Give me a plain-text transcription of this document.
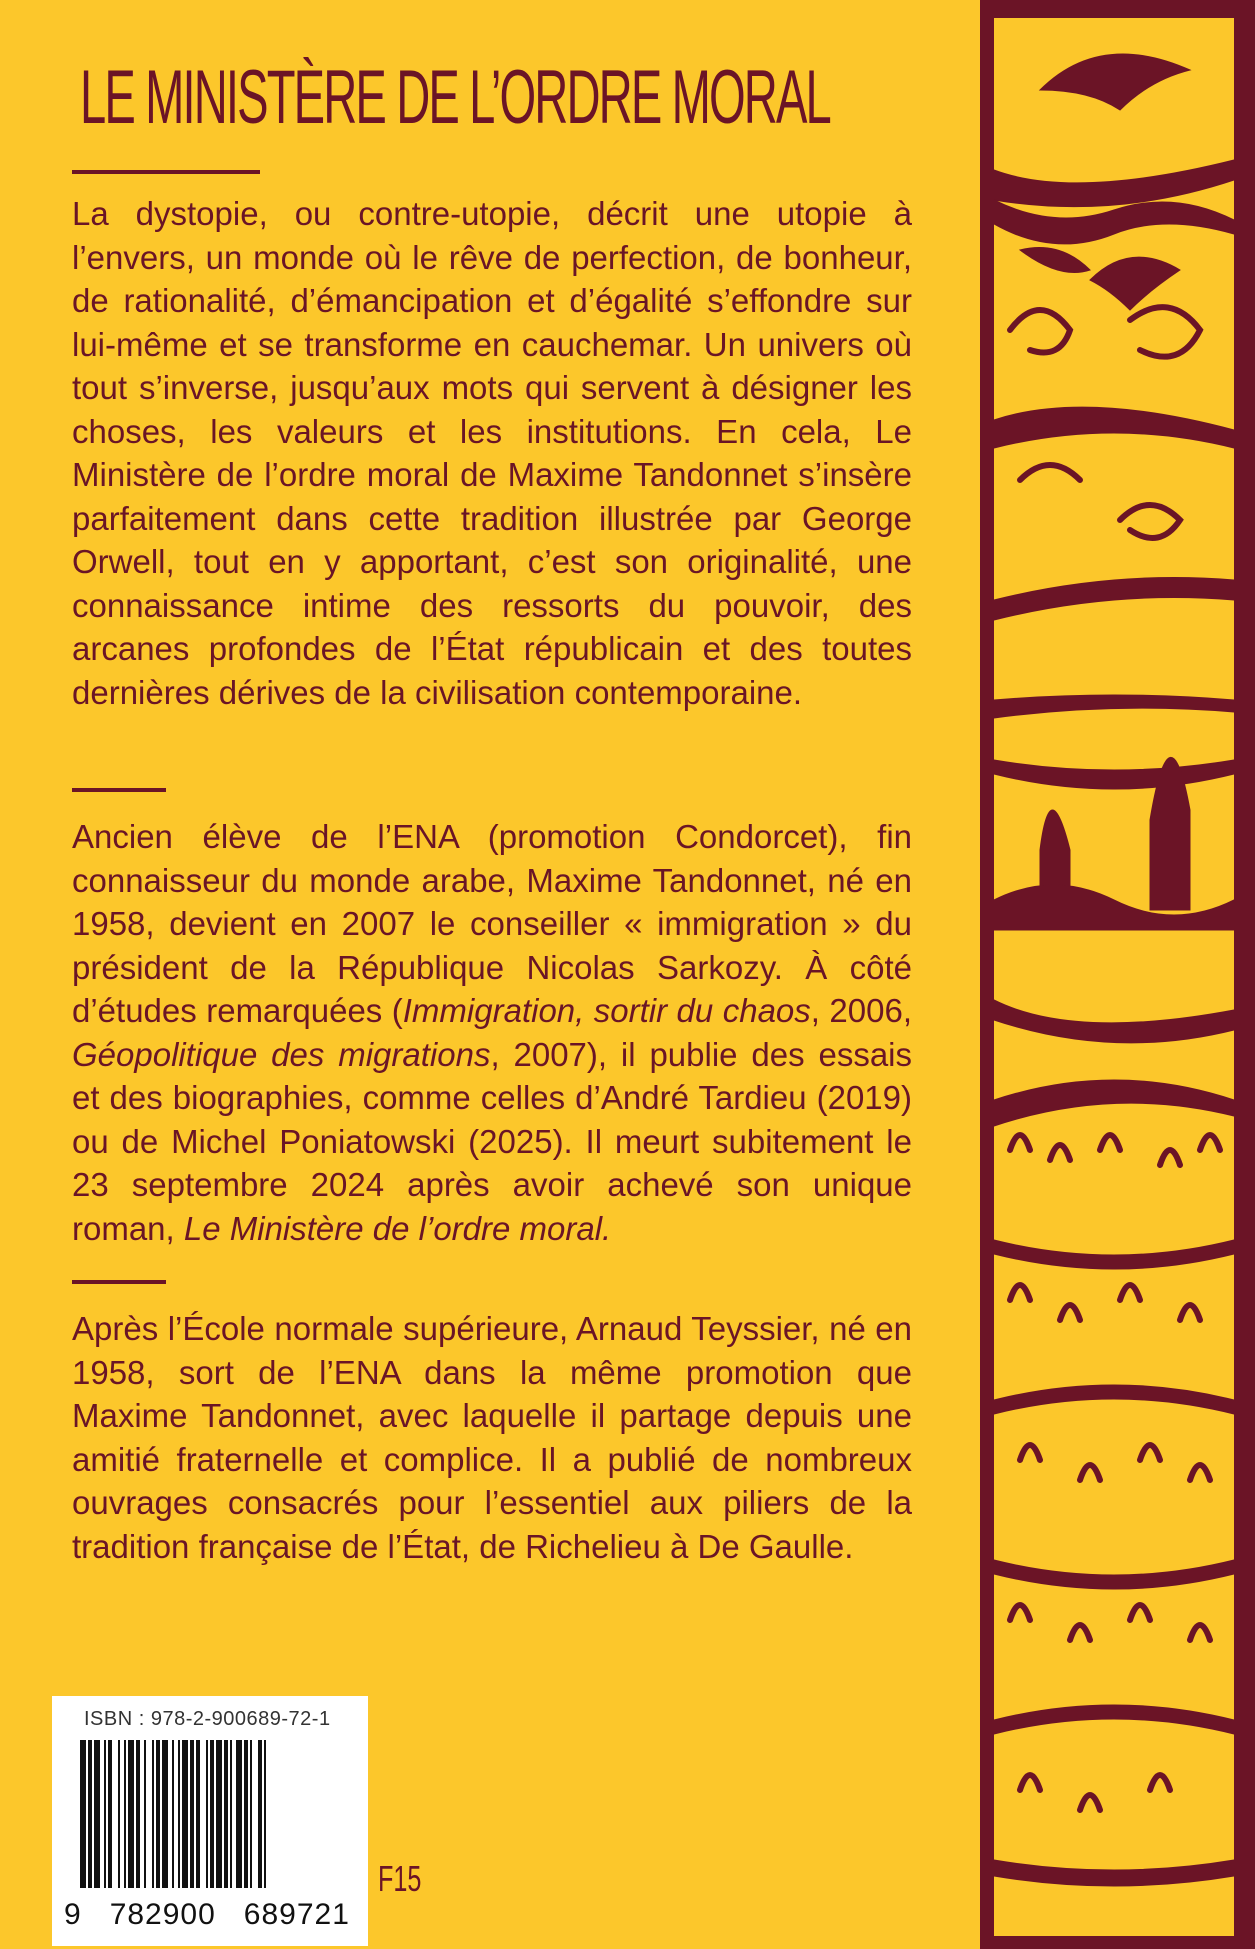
LE MINISTÈRE DE L’ORDRE MORAL
La dystopie, ou contre-utopie, décrit une utopie à l’envers, un monde où le rêve de perfection, de bonheur, de rationalité, d’émancipation et d’égalité s’effondre sur lui-même et se transforme en cauchemar. Un univers où tout s’inverse, jusqu’aux mots qui servent à désigner les choses, les valeurs et les institutions. En cela, Le Ministère de l’ordre moral de Maxime Tandonnet s’insère parfaitement dans cette tradition illustrée par George Orwell, tout en y apportant, c’est son originalité, une connaissance intime des ressorts du pouvoir, des arcanes profondes de l’État républicain et des toutes dernières dérives de la civilisation contemporaine.
Ancien élève de l’ENA (promotion Condorcet), fin connaisseur du monde arabe, Maxime Tandonnet, né en 1958, devient en 2007 le conseiller « immigration » du président de la République Nicolas Sarkozy. À côté d’études remarquées (Immigration, sortir du chaos, 2006, Géopolitique des migrations, 2007), il publie des essais et des biographies, comme celles d’André Tardieu (2019) ou de Michel Poniatowski (2025). Il meurt subitement le 23 septembre 2024 après avoir achevé son unique roman, Le Ministère de l’ordre moral.
Après l’École normale supérieure, Arnaud Teyssier, né en 1958, sort de l’ENA dans la même promotion que Maxime Tandonnet, avec laquelle il partage depuis une amitié fraternelle et complice. Il a publié de nombreux ouvrages consacrés pour l’essentiel aux piliers de la tradition française de l’État, de Richelieu à De Gaulle.
ISBN : 978-2-900689-72-1
9   782900   689721
F15
